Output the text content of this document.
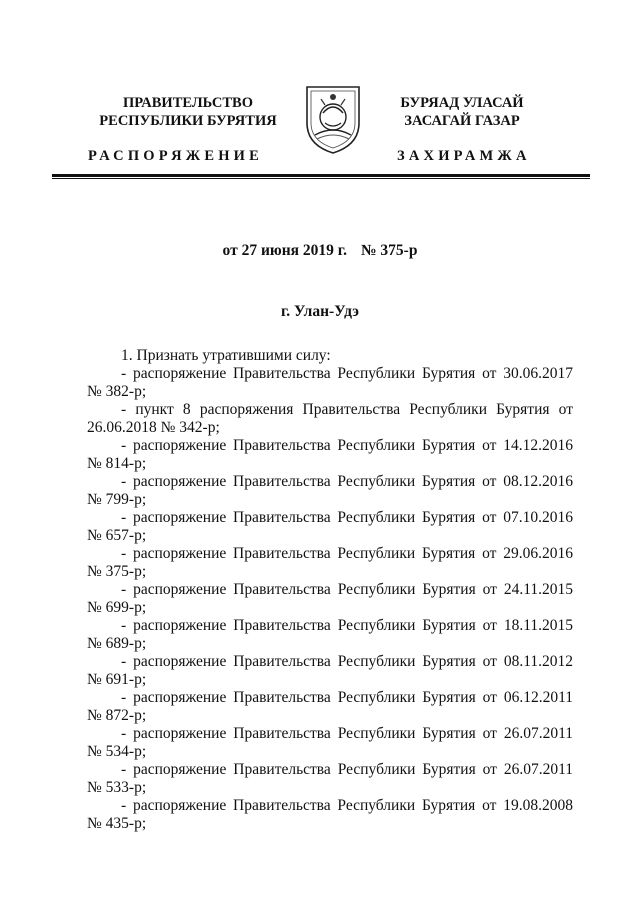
ПРАВИТЕЛЬСТВО
РЕСПУБЛИКИ БУРЯТИЯ
РАСПОРЯЖЕНИЕ
БУРЯАД УЛАСАЙ
ЗАСАГАЙ ГАЗАР
ЗАХИРАМЖА
от 27 июня 2019 г. № 375-р
г. Улан-Удэ
1. Признать утратившими силу:
- распоряжение Правительства Республики Бурятия от 30.06.2017 № 382-р;
- пункт 8 распоряжения Правительства Республики Бурятия от 26.06.2018 № 342-р;
- распоряжение Правительства Республики Бурятия от 14.12.2016 № 814-р;
- распоряжение Правительства Республики Бурятия от 08.12.2016 № 799-р;
- распоряжение Правительства Республики Бурятия от 07.10.2016 № 657-р;
- распоряжение Правительства Республики Бурятия от 29.06.2016 № 375-р;
- распоряжение Правительства Республики Бурятия от 24.11.2015 № 699-р;
- распоряжение Правительства Республики Бурятия от 18.11.2015 № 689-р;
- распоряжение Правительства Республики Бурятия от 08.11.2012 № 691-р;
- распоряжение Правительства Республики Бурятия от 06.12.2011 № 872-р;
- распоряжение Правительства Республики Бурятия от 26.07.2011 № 534-р;
- распоряжение Правительства Республики Бурятия от 26.07.2011 № 533-р;
- распоряжение Правительства Республики Бурятия от 19.08.2008 № 435-р;
